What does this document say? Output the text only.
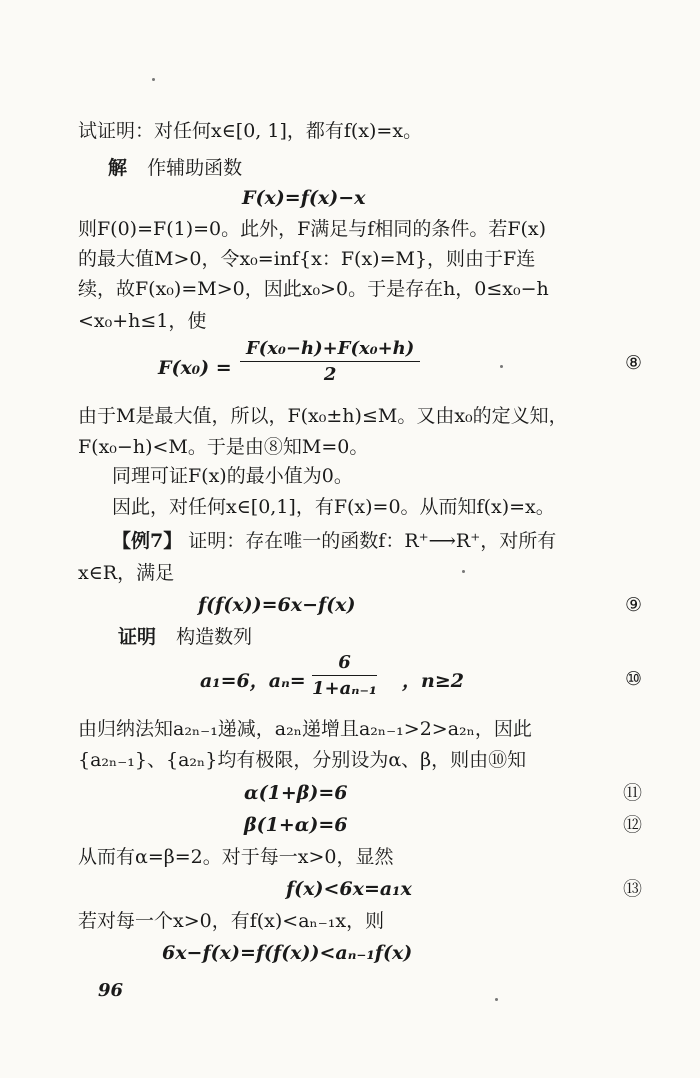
试证明：对任何x∈[0, 1]，都有f(x)=x。
解 作辅助函数
F(x)=f(x)−x
则F(0)=F(1)=0。此外，F满足与f相同的条件。若F(x)
的最大值M>0，令x₀=inf{x：F(x)=M}，则由于F连
续，故F(x₀)=M>0，因此x₀>0。于是存在h，0≤x₀−h
<x₀+h≤1，使
$F(x_0) = \frac{\text{F(x₀−h)+F(x₀+h)}}{2}$	⑧
由于M是最大值，所以，F(x₀±h)≤M。又由x₀的定义知，
F(x₀−h)<M。于是由⑧知M=0。
同理可证F(x)的最小值为0。
因此，对任何x∈[0,1]，有F(x)=0。从而知f(x)=x。
【例7】 证明：存在唯一的函数f：R⁺⟶R⁺，对所有
x∈R，满足
f(f(x))=6x−f(x)	⑨
证明 构造数列
a₁=6，$a_n= \frac{6}{\text{1+aₙ₋₁}}$ ，n≥2	⑩
由归纳法知a₂ₙ₋₁递减，a₂ₙ递增且a₂ₙ₋₁>2>a₂ₙ，因此
{a₂ₙ₋₁}、{a₂ₙ}均有极限，分别设为α、β，则由⑩知
α(1+β)=6	⑪
β(1+α)=6	⑫
从而有α=β=2。对于每一x>0，显然
f(x)<6x=a₁x	⑬
若对每一个x>0，有f(x)<aₙ₋₁x，则
6x−f(x)=f(f(x))<aₙ₋₁f(x)
96
